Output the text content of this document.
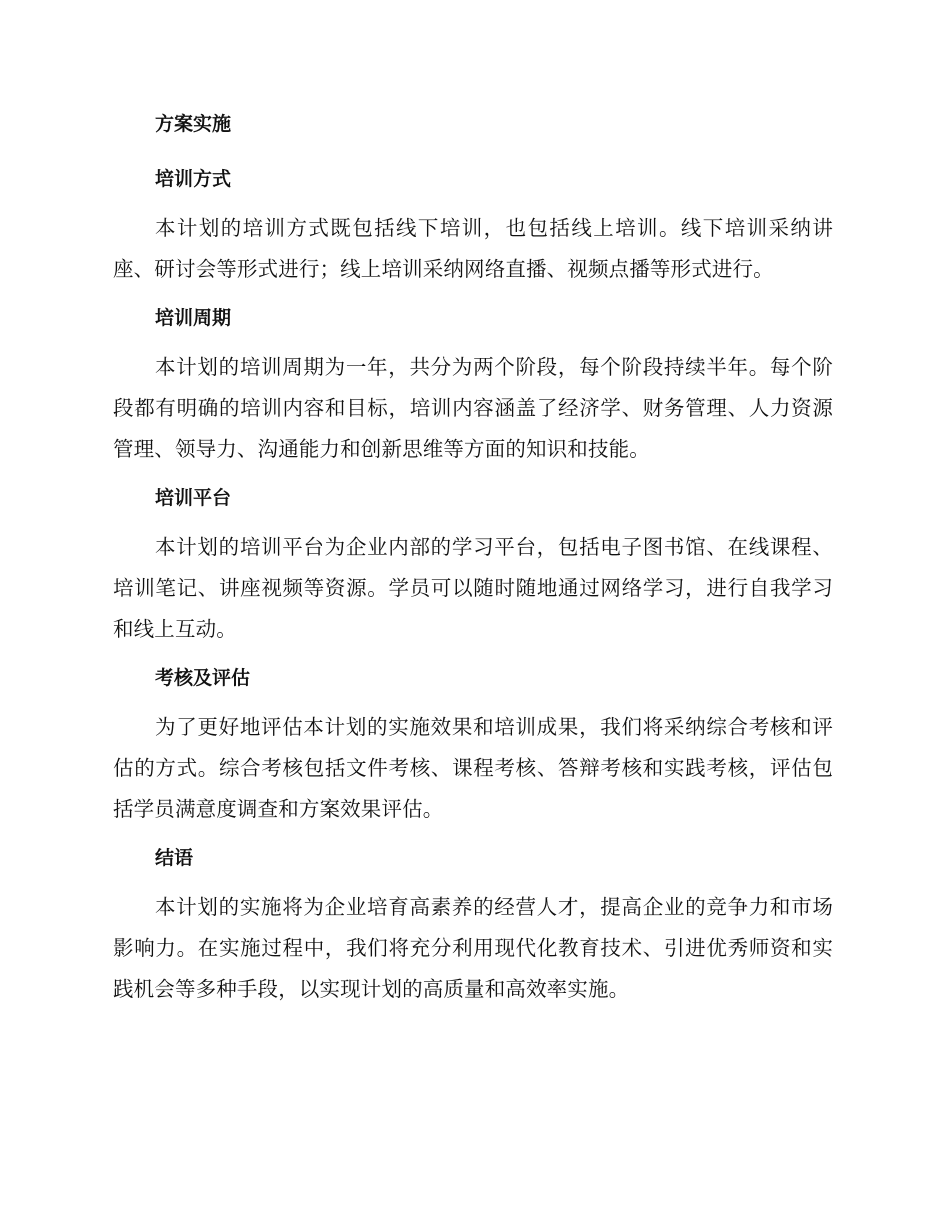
方案实施
培训方式

本计划的培训方式既包括线下培训，也包括线上培训。线下培训采纳讲座、研讨会等形式进行；线上培训采纳网络直播、视频点播等形式进行。

培训周期

本计划的培训周期为一年，共分为两个阶段，每个阶段持续半年。每个阶段都有明确的培训内容和目标，培训内容涵盖了经济学、财务管理、人力资源管理、领导力、沟通能力和创新思维等方面的知识和技能。

培训平台

本计划的培训平台为企业内部的学习平台，包括电子图书馆、在线课程、培训笔记、讲座视频等资源。学员可以随时随地通过网络学习，进行自我学习和线上互动。

考核及评估

为了更好地评估本计划的实施效果和培训成果，我们将采纳综合考核和评估的方式。综合考核包括文件考核、课程考核、答辩考核和实践考核，评估包括学员满意度调查和方案效果评估。

结语

本计划的实施将为企业培育高素养的经营人才，提高企业的竞争力和市场影响力。在实施过程中，我们将充分利用现代化教育技术、引进优秀师资和实践机会等多种手段，以实现计划的高质量和高效率实施。
